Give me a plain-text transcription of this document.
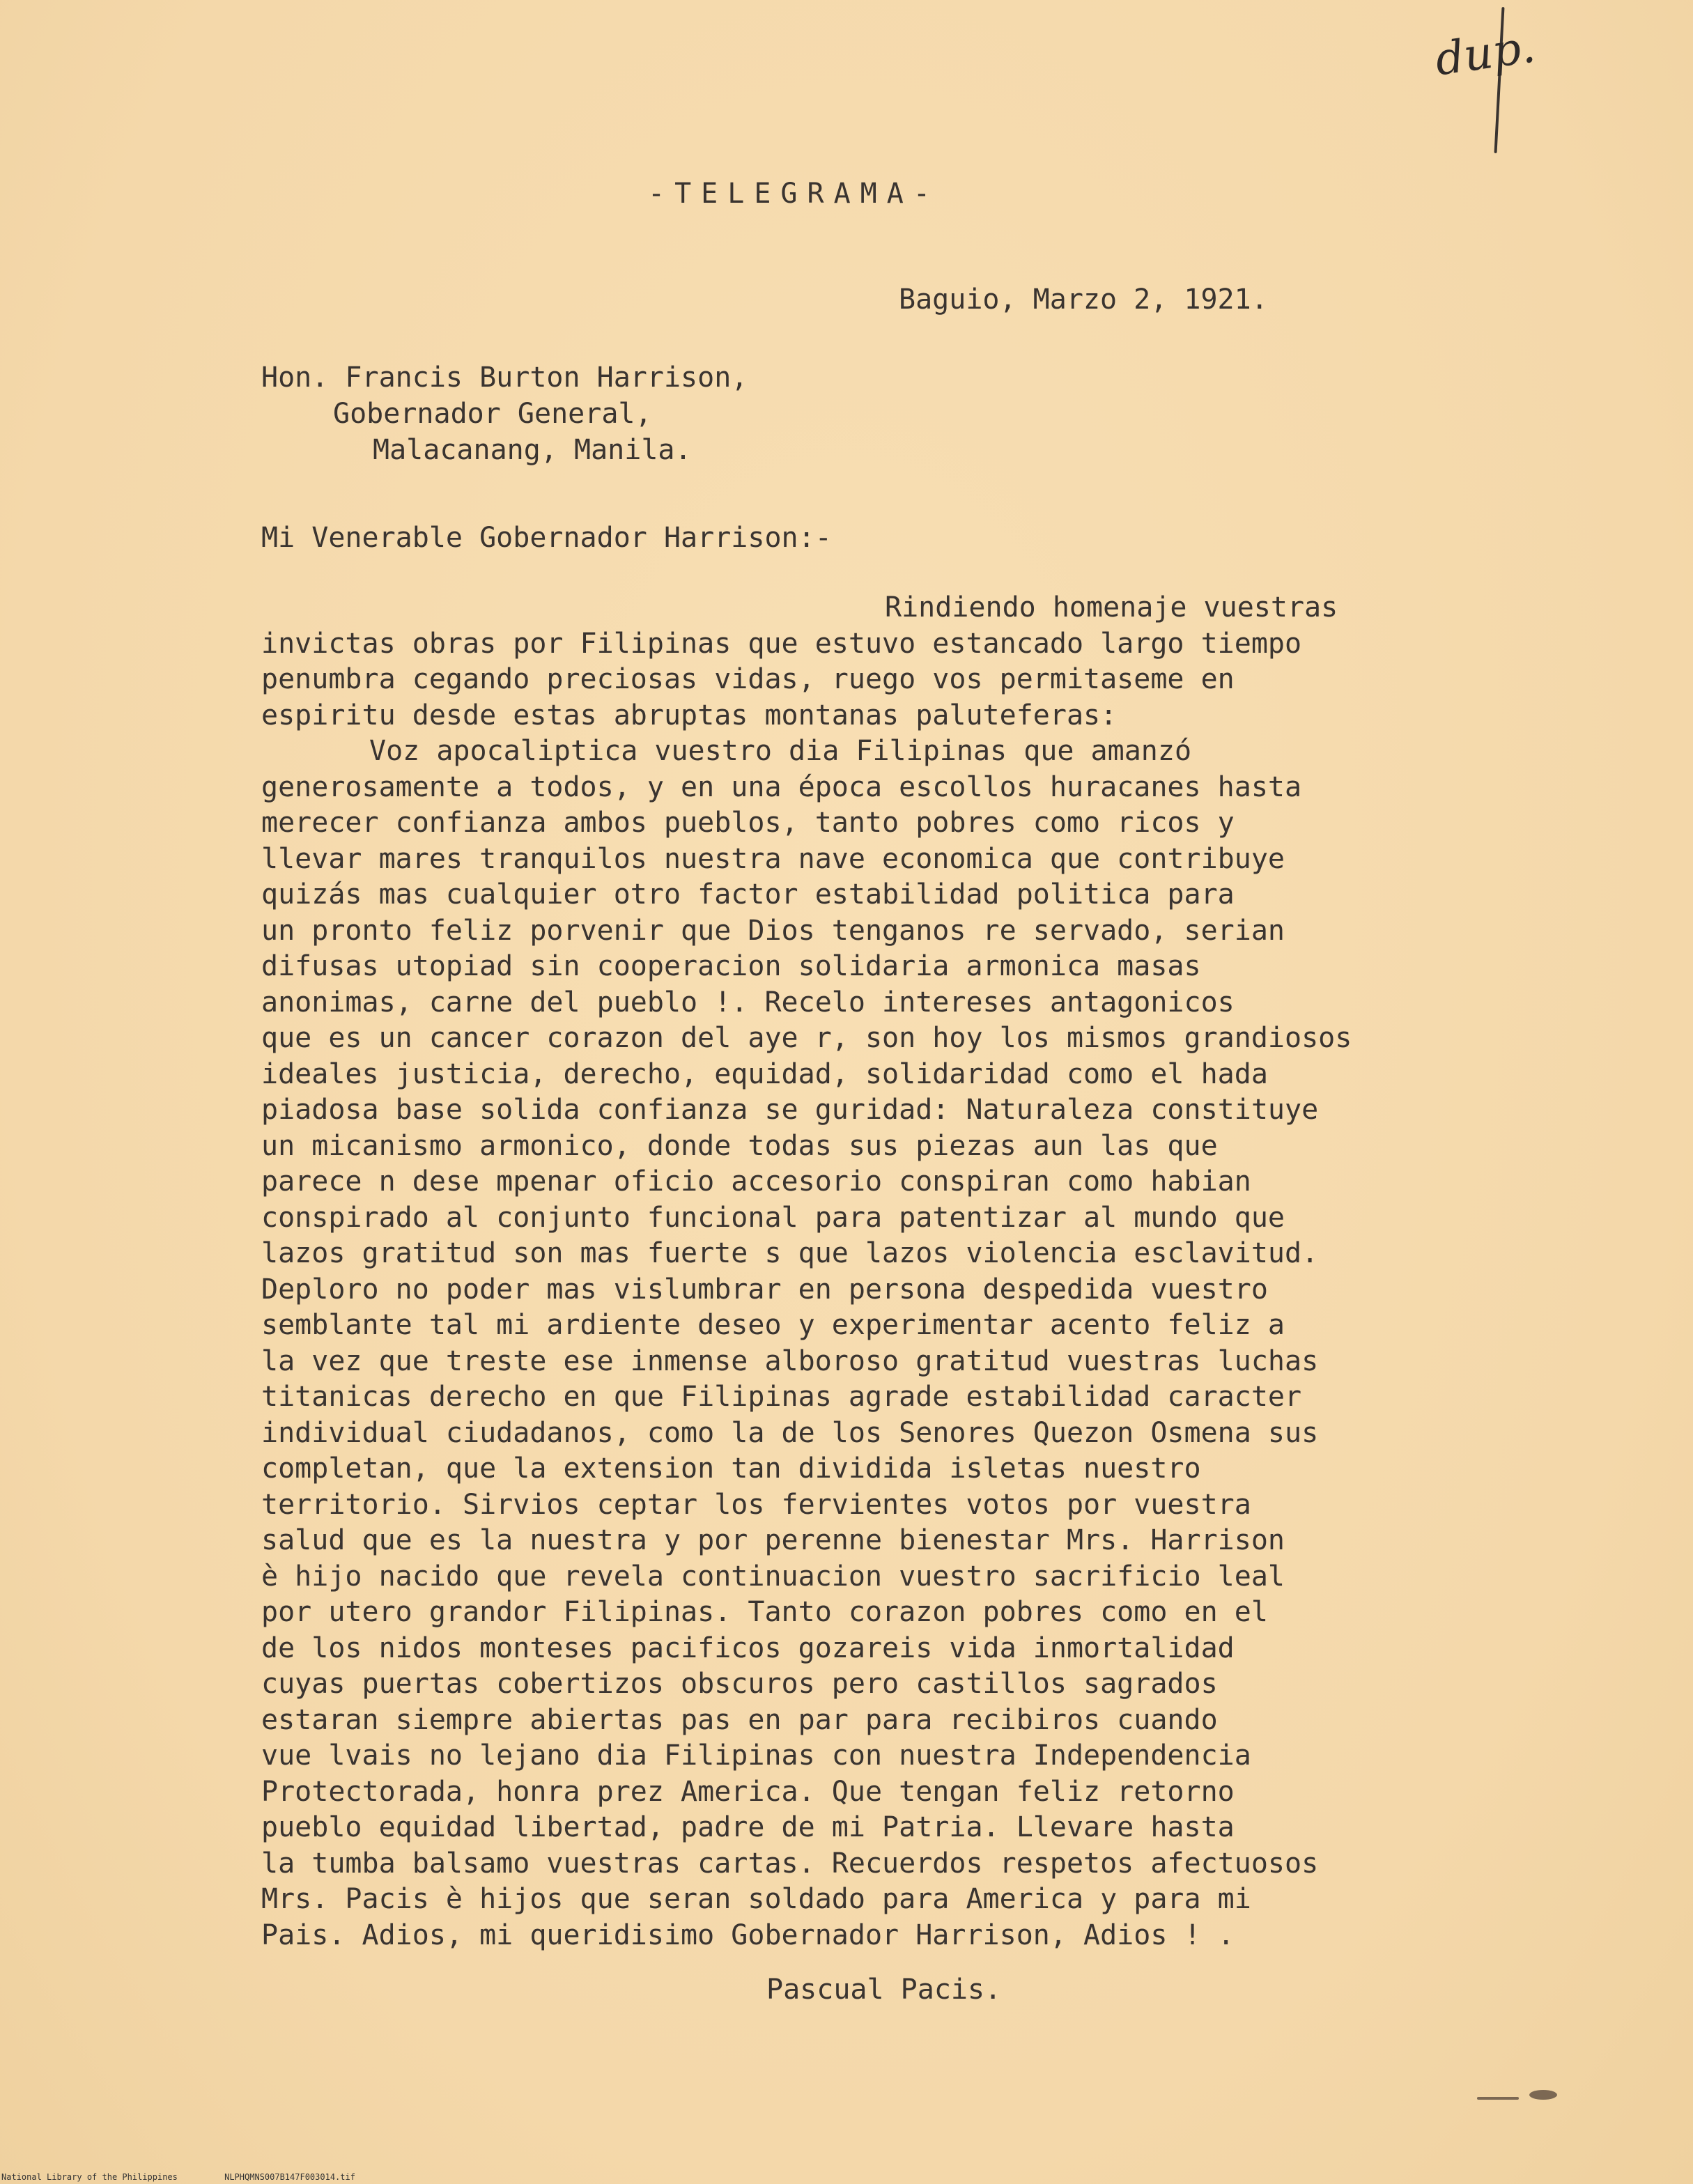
dup.
-TELEGRAMA-
Baguio, Marzo 2, 1921.
Hon. Francis Burton Harrison,
Gobernador General,
Malacanang, Manila.
Mi Venerable Gobernador Harrison:-
Rindiendo homenaje vuestras
invictas obras por Filipinas que estuvo estancado largo tiempo
penumbra cegando preciosas vidas, ruego vos permitaseme en
espiritu desde estas abruptas montanas paluteferas:
Voz apocaliptica vuestro dia Filipinas que amanzó
generosamente a todos, y en una época escollos huracanes hasta
merecer confianza ambos pueblos, tanto pobres como ricos y
llevar mares tranquilos nuestra nave economica que contribuye
quizás mas cualquier otro factor estabilidad politica para
un pronto feliz porvenir que Dios tenganos re servado, serian
difusas utopiad sin cooperacion solidaria armonica masas
anonimas, carne del pueblo !. Recelo intereses antagonicos
que es un cancer corazon del aye r, son hoy los mismos grandiosos
ideales justicia, derecho, equidad, solidaridad como el hada
piadosa base solida confianza se guridad: Naturaleza constituye
un micanismo armonico, donde todas sus piezas aun las que
parece n dese mpenar oficio accesorio conspiran como habian
conspirado al conjunto funcional para patentizar al mundo que
lazos gratitud son mas fuerte s que lazos violencia esclavitud.
Deploro no poder mas vislumbrar en persona despedida vuestro
semblante tal mi ardiente deseo y experimentar acento feliz a
la vez que treste ese inmense alboroso gratitud vuestras luchas
titanicas derecho en que Filipinas agrade estabilidad caracter
individual ciudadanos, como la de los Senores Quezon Osmena sus
completan, que la extension tan dividida isletas nuestro
territorio. Sirvios ceptar los fervientes votos por vuestra
salud que es la nuestra y por perenne bienestar Mrs. Harrison
è hijo nacido que revela continuacion vuestro sacrificio leal
por utero grandor Filipinas. Tanto corazon pobres como en el
de los nidos monteses pacificos gozareis vida inmortalidad
cuyas puertas cobertizos obscuros pero castillos sagrados
estaran siempre abiertas pas en par para recibiros cuando
vue lvais no lejano dia Filipinas con nuestra Independencia
Protectorada, honra prez America. Que tengan feliz retorno
pueblo equidad libertad, padre de mi Patria. Llevare hasta
la tumba balsamo vuestras cartas. Recuerdos respetos afectuosos
Mrs. Pacis è hijos que seran soldado para America y para mi
Pais. Adios, mi queridisimo Gobernador Harrison, Adios ! .
Pascual Pacis.
National Library of the Philippines	NLPHQMNS007B147F003014.tif
